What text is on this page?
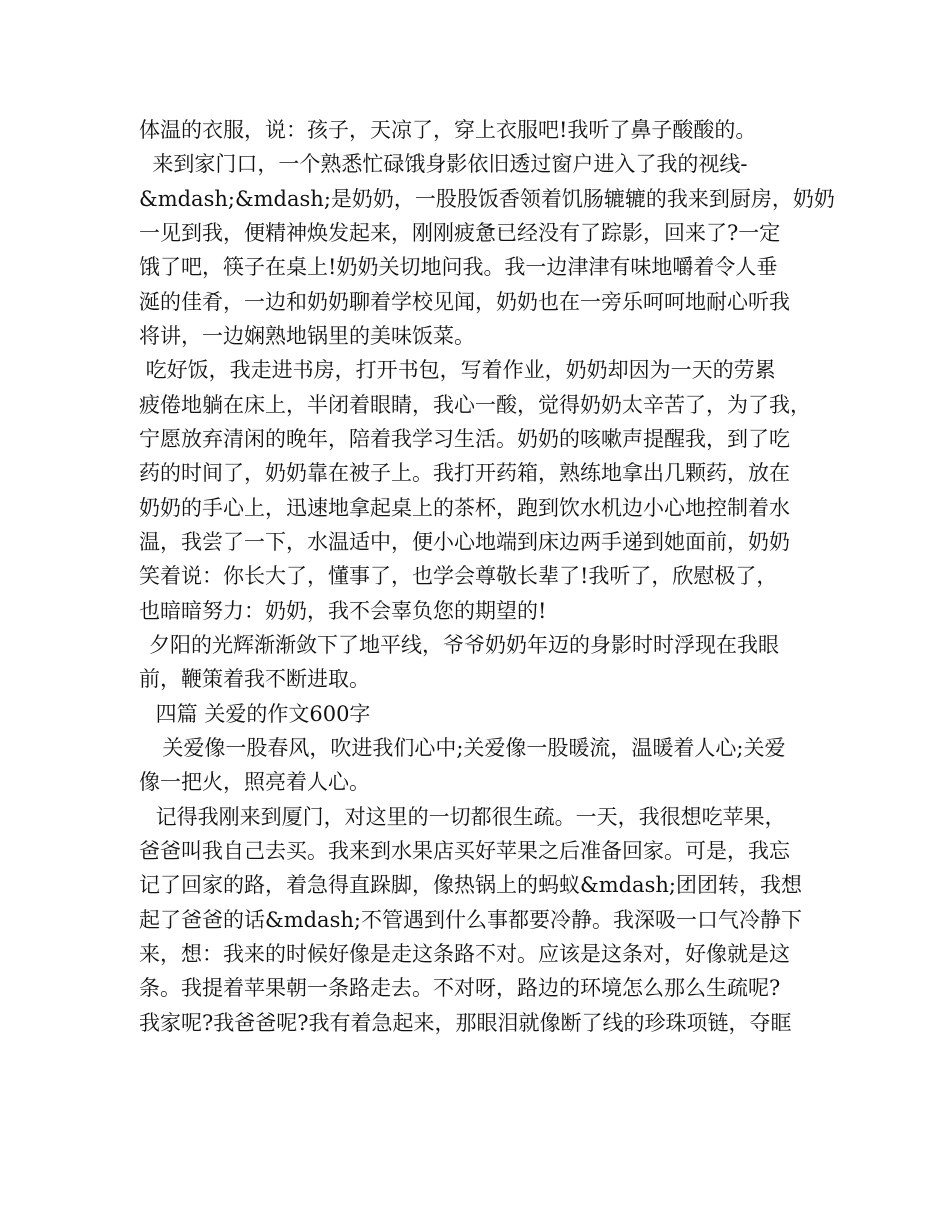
体温的衣服，说：孩子，天凉了，穿上衣服吧!我听了鼻子酸酸的。
来到家门口，一个熟悉忙碌饿身影依旧透过窗户进入了我的视线-
&mdash;&mdash;是奶奶，一股股饭香领着饥肠辘辘的我来到厨房，奶奶
一见到我，便精神焕发起来，刚刚疲惫已经没有了踪影，回来了?一定
饿了吧，筷子在桌上!奶奶关切地问我。我一边津津有味地嚼着令人垂
涎的佳肴，一边和奶奶聊着学校见闻，奶奶也在一旁乐呵呵地耐心听我
将讲，一边娴熟地锅里的美味饭菜。
吃好饭，我走进书房，打开书包，写着作业，奶奶却因为一天的劳累
疲倦地躺在床上，半闭着眼睛，我心一酸，觉得奶奶太辛苦了，为了我，
宁愿放弃清闲的晚年，陪着我学习生活。奶奶的咳嗽声提醒我，到了吃
药的时间了，奶奶靠在被子上。我打开药箱，熟练地拿出几颗药，放在
奶奶的手心上，迅速地拿起桌上的茶杯，跑到饮水机边小心地控制着水
温，我尝了一下，水温适中，便小心地端到床边两手递到她面前，奶奶
笑着说：你长大了，懂事了，也学会尊敬长辈了!我听了，欣慰极了，
也暗暗努力：奶奶，我不会辜负您的期望的!
夕阳的光辉渐渐敛下了地平线，爷爷奶奶年迈的身影时时浮现在我眼
前，鞭策着我不断进取。
四篇 关爱的作文600字
关爱像一股春风，吹进我们心中;关爱像一股暖流，温暖着人心;关爱
像一把火，照亮着人心。
记得我刚来到厦门，对这里的一切都很生疏。一天，我很想吃苹果，
爸爸叫我自己去买。我来到水果店买好苹果之后准备回家。可是，我忘
记了回家的路，着急得直跺脚，像热锅上的蚂蚁&mdash;团团转，我想
起了爸爸的话&mdash;不管遇到什么事都要冷静。我深吸一口气冷静下
来，想：我来的时候好像是走这条路不对。应该是这条对，好像就是这
条。我提着苹果朝一条路走去。不对呀，路边的环境怎么那么生疏呢?
我家呢?我爸爸呢?我有着急起来，那眼泪就像断了线的珍珠项链，夺眶
